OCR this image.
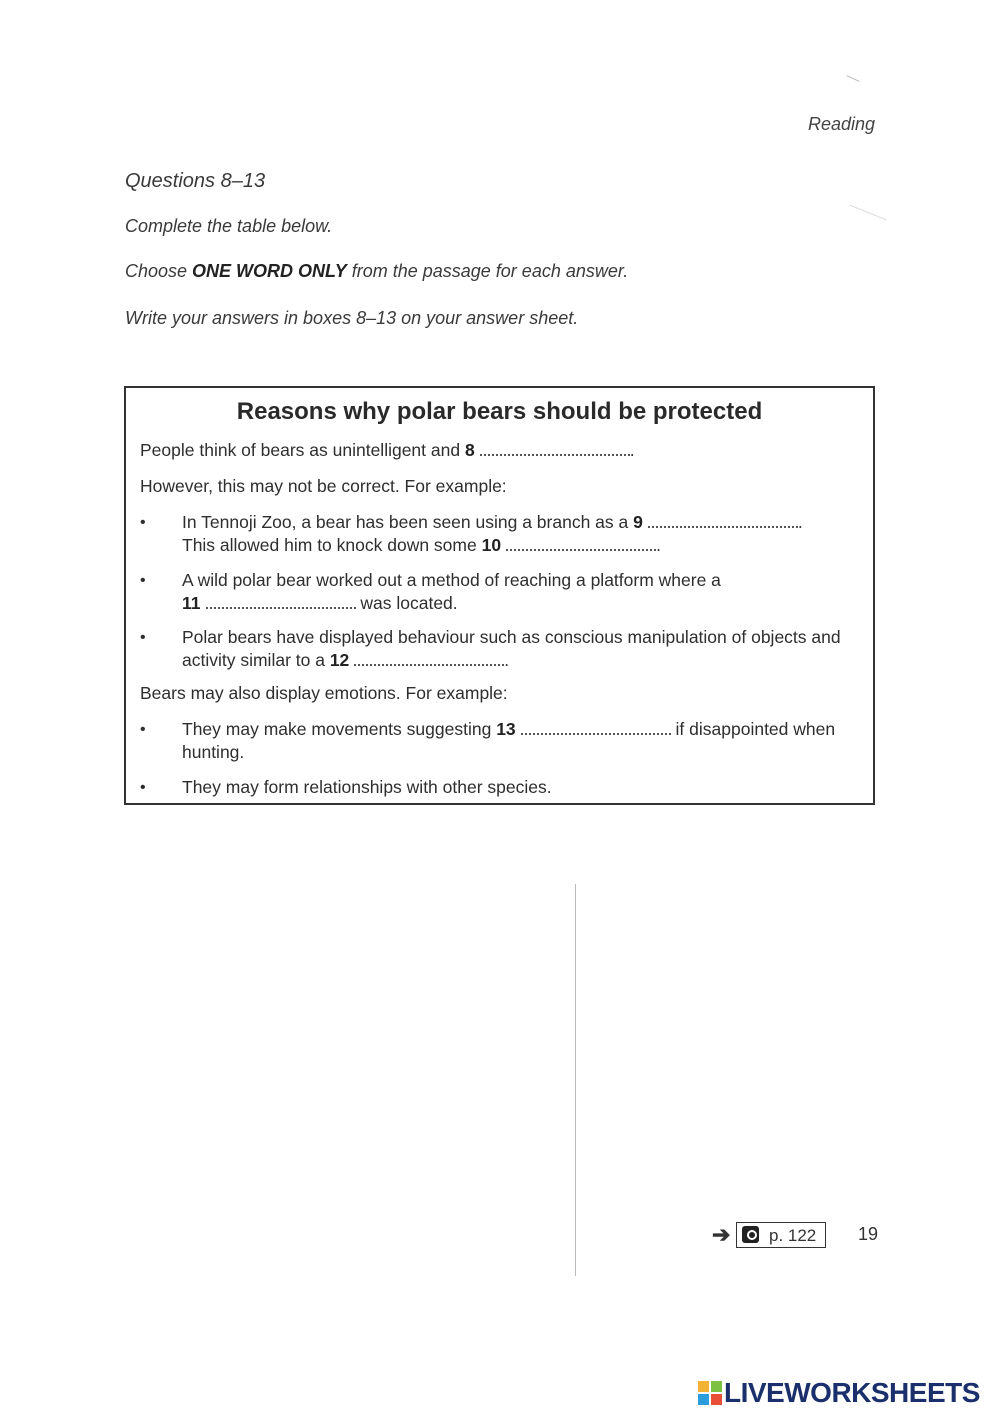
Reading
Questions 8–13
Complete the table below.
Choose ONE WORD ONLY from the passage for each answer.
Write your answers in boxes 8–13 on your answer sheet.
Reasons why polar bears should be protected
People think of bears as unintelligent and 8	.
However, this may not be correct. For example:
•	In Tennoji Zoo, a bear has been seen using a branch as a 9	.
This allowed him to knock down some 10	.
•	A wild polar bear worked out a method of reaching a platform where a
11	was located.
•	Polar bears have displayed behaviour such as conscious manipulation of objects and activity similar to a 12	.
Bears may also display emotions. For example:
•	They may make movements suggesting 13	if disappointed when hunting.
•	They may form relationships with other species.
➔ p. 122 19
LIVEWORKSHEETS
